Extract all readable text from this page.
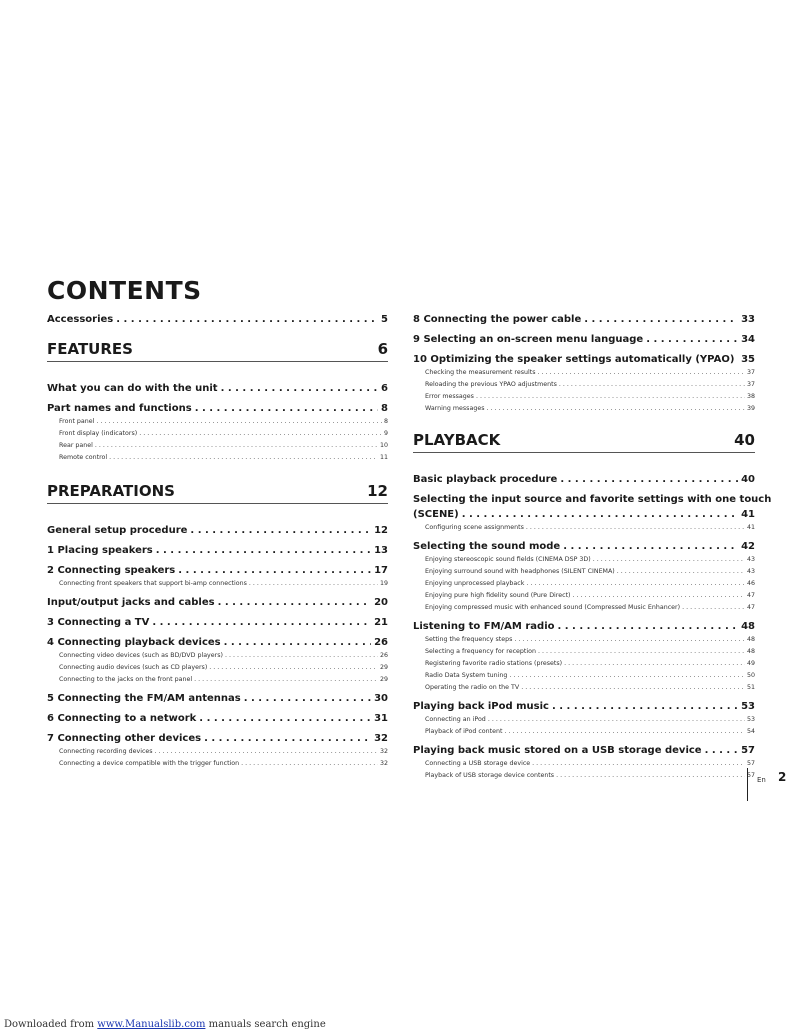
CONTENTS
Accessories . . .	5
FEATURES	6
What you can do with the unit . . .	6
Part names and functions . . .	8
Front panel . . .	8
Front display (indicators) . . .	9
Rear panel . . .	10
Remote control . . .	11
PREPARATIONS	12
General setup procedure . . .	12
1 Placing speakers . . .	13
2 Connecting speakers . . .	17
Connecting front speakers that support bi-amp connections . . .	19
Input/output jacks and cables . . .	20
3 Connecting a TV . . .	21
4 Connecting playback devices . . .	26
Connecting video devices (such as BD/DVD players) . . .	26
Connecting audio devices (such as CD players) . . .	29
Connecting to the jacks on the front panel . . .	29
5 Connecting the FM/AM antennas . . .	30
6 Connecting to a network . . .	31
7 Connecting other devices . . .	32
Connecting recording devices . . .	32
Connecting a device compatible with the trigger function . . .	32
8 Connecting the power cable . . .	33
9 Selecting an on-screen menu language . . .	34
10 Optimizing the speaker settings automatically (YPAO) . . . 35
Checking the measurement results . . .	37
Reloading the previous YPAO adjustments . . .	37
Error messages . . .	38
Warning messages . . .	39
PLAYBACK	40
Basic playback procedure . . .	40
Selecting the input source and favorite settings with one touch
(SCENE) . . .	41
Configuring scene assignments . . .	41
Selecting the sound mode . . .	42
Enjoying stereoscopic sound fields (CINEMA DSP 3D) . . .	43
Enjoying surround sound with headphones (SILENT CINEMA) . . .	43
Enjoying unprocessed playback . . .	46
Enjoying pure high fidelity sound (Pure Direct) . . .	47
Enjoying compressed music with enhanced sound (Compressed Music Enhancer) . . .	47
Listening to FM/AM radio . . .	48
Setting the frequency steps . . .	48
Selecting a frequency for reception . . .	48
Registering favorite radio stations (presets) . . .	49
Radio Data System tuning . . .	50
Operating the radio on the TV . . .	51
Playing back iPod music . . .	53
Connecting an iPod . . .	53
Playback of iPod content . . .	54
Playing back music stored on a USB storage device . . .	57
Connecting a USB storage device . . .	57
Playback of USB storage device contents . . .	57
En 2
Downloaded from www.Manualslib.com manuals search engine
